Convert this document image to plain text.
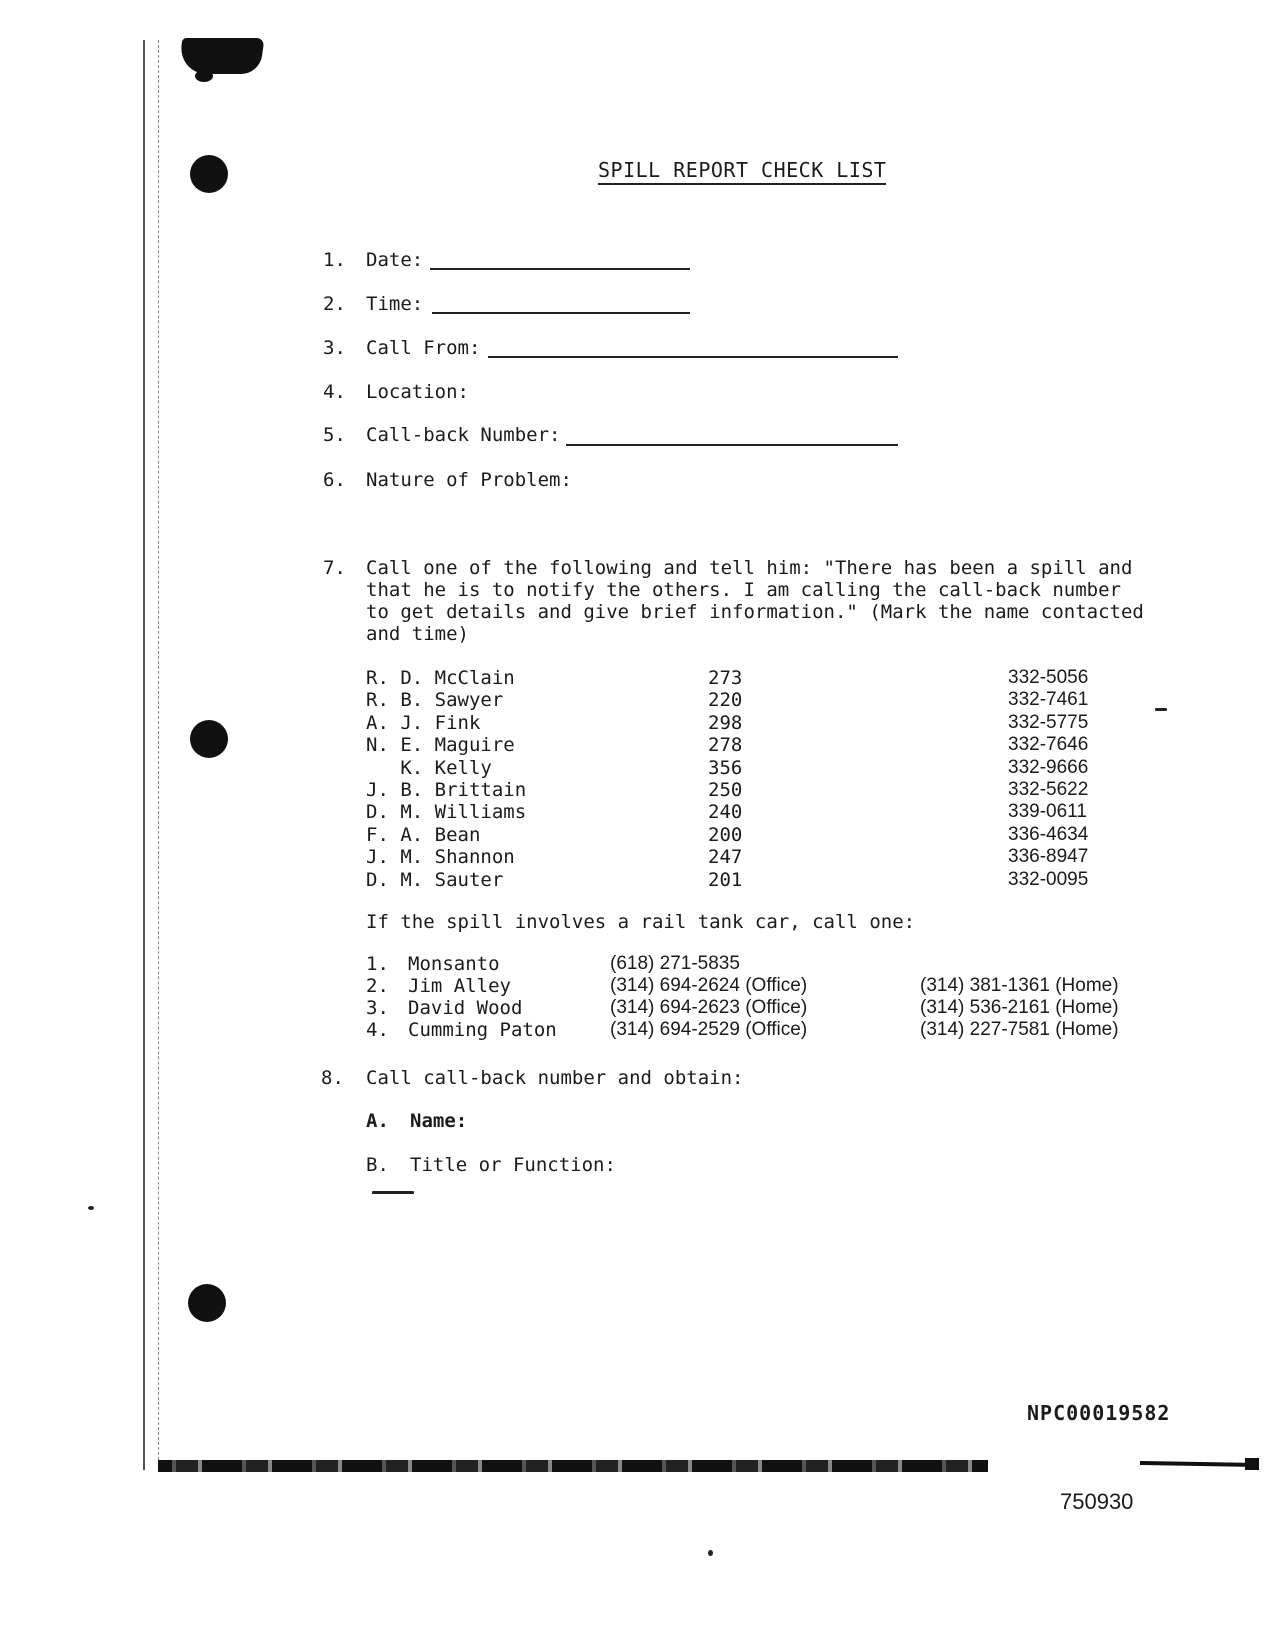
SPILL REPORT CHECK LIST
1. Date:
2. Time:
3. Call From:
4. Location:
5. Call-back Number:
6. Nature of Problem:
7. Call one of the following and tell him: "There has been a spill and
that he is to notify the others. I am calling the call-back number
to get details and give brief information." (Mark the name contacted
and time)
R. D. McClain	273	332-5056
R. B. Sawyer	220	332-7461
A. J. Fink	298	332-5775
N. E. Maguire	278	332-7646
K. Kelly	356	332-9666
J. B. Brittain	250	332-5622
D. M. Williams	240	339-0611
F. A. Bean	200	336-4634
J. M. Shannon	247	336-8947
D. M. Sauter	201	332-0095
If the spill involves a rail tank car, call one:
1. Monsanto	(618) 271-5835
2. Jim Alley	(314) 694-2624 (Office)	(314) 381-1361 (Home)
3. David Wood	(314) 694-2623 (Office)	(314) 536-2161 (Home)
4. Cumming Paton	(314) 694-2529 (Office)	(314) 227-7581 (Home)
8. Call call-back number and obtain:
A. Name:
B. Title or Function:
NPC00019582
750930
